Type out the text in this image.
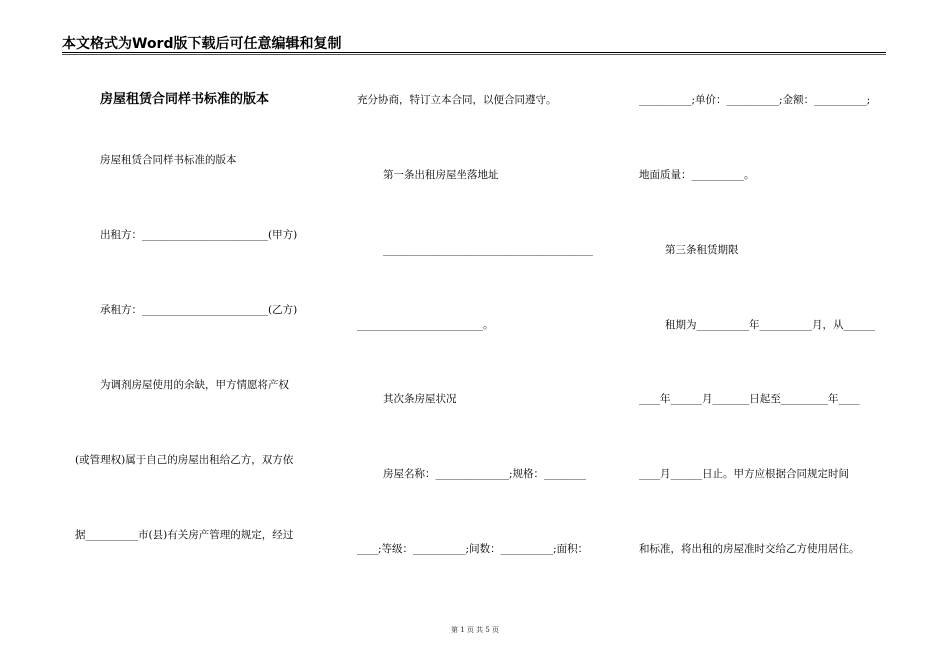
本文格式为Word版下载后可任意编辑和复制
房屋租赁合同样书标准的版本
房屋租赁合同样书标准的版本
出租方：________________________(甲方)
承租方：________________________(乙方)
为调剂房屋使用的余缺，甲方情愿将产权
(或管理权)属于自己的房屋出租给乙方，双方依
据__________市(县)有关房产管理的规定，经过
充分协商，特订立本合同，以便合同遵守。
第一条出租房屋坐落地址
________________________________________
________________________。
其次条房屋状况
房屋名称：______________;规格：________
____;等级：__________;间数：__________;面积：
__________;单价：__________;金额：__________;
地面质量：__________。
第三条租赁期限
租期为__________年__________月，从______
____年______月_______日起至_________年____
____月______日止。甲方应根据合同规定时间
和标准，将出租的房屋准时交给乙方使用居住。
第 1 页 共 5 页
